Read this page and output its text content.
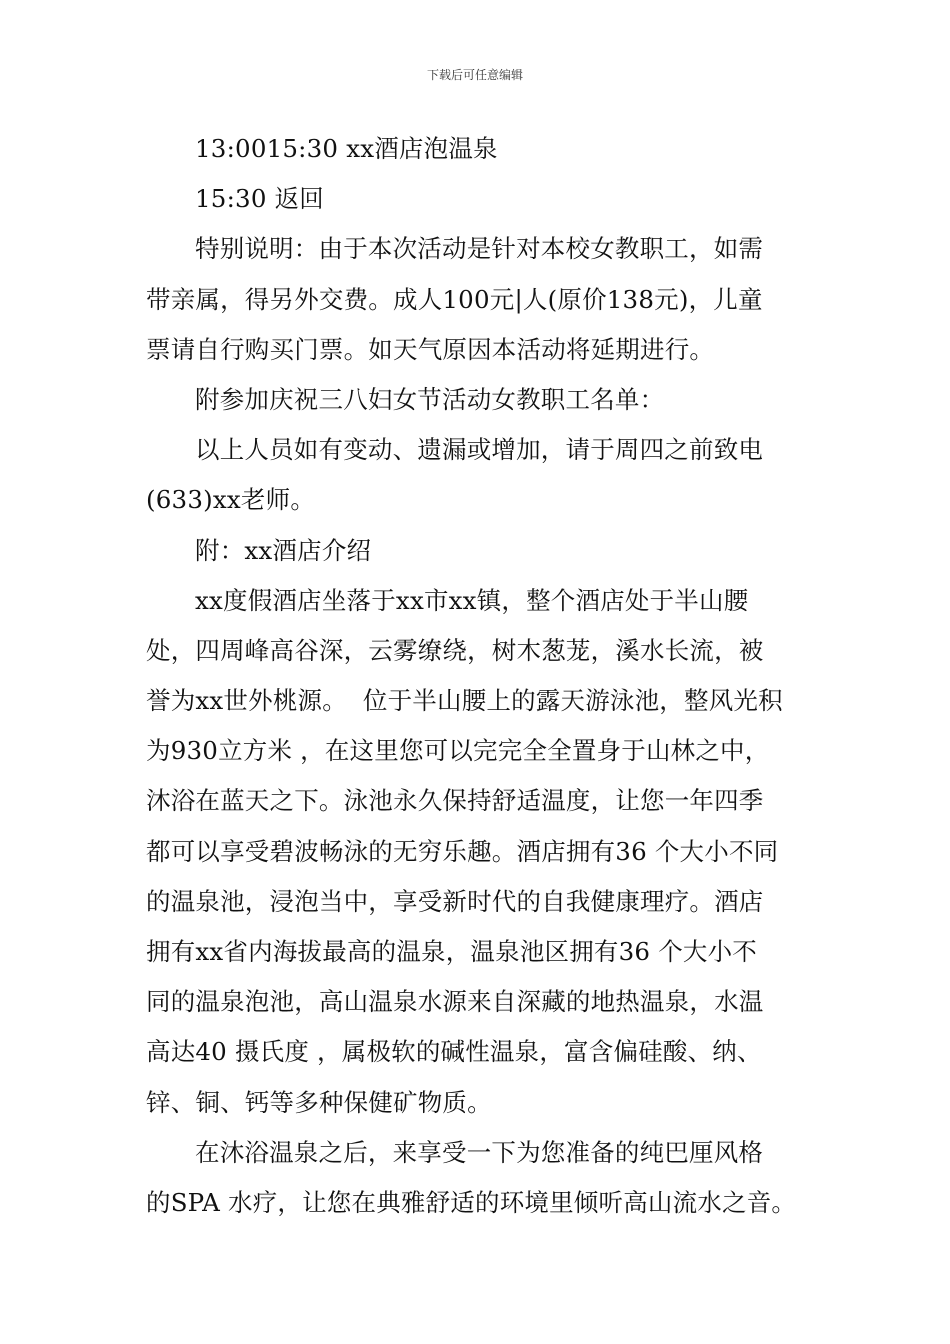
下载后可任意编辑
13:0015:30 xx酒店泡温泉
15:30 返回
特别说明：由于本次活动是针对本校女教职工，如需
带亲属，得另外交费。成人100元|人(原价138元)，儿童
票请自行购买门票。如天气原因本活动将延期进行。
附参加庆祝三八妇女节活动女教职工名单：
以上人员如有变动、遗漏或增加，请于周四之前致电
(633)xx老师。
附：xx酒店介绍
xx度假酒店坐落于xx市xx镇，整个酒店处于半山腰
处，四周峰高谷深，云雾缭绕，树木葱茏，溪水长流，被
誉为xx世外桃源。  位于半山腰上的露天游泳池，整风光积
为930立方米 ，在这里您可以完完全全置身于山林之中，
沐浴在蓝天之下。泳池永久保持舒适温度，让您一年四季
都可以享受碧波畅泳的无穷乐趣。酒店拥有36 个大小不同
的温泉池，浸泡当中，享受新时代的自我健康理疗。酒店
拥有xx省内海拔最高的温泉，温泉池区拥有36 个大小不
同的温泉泡池，高山温泉水源来自深藏的地热温泉，水温
高达40 摄氏度 ，属极软的碱性温泉，富含偏硅酸、纳、
锌、铜、钙等多种保健矿物质。
在沐浴温泉之后，来享受一下为您准备的纯巴厘风格
的SPA 水疗，让您在典雅舒适的环境里倾听高山流水之音。
